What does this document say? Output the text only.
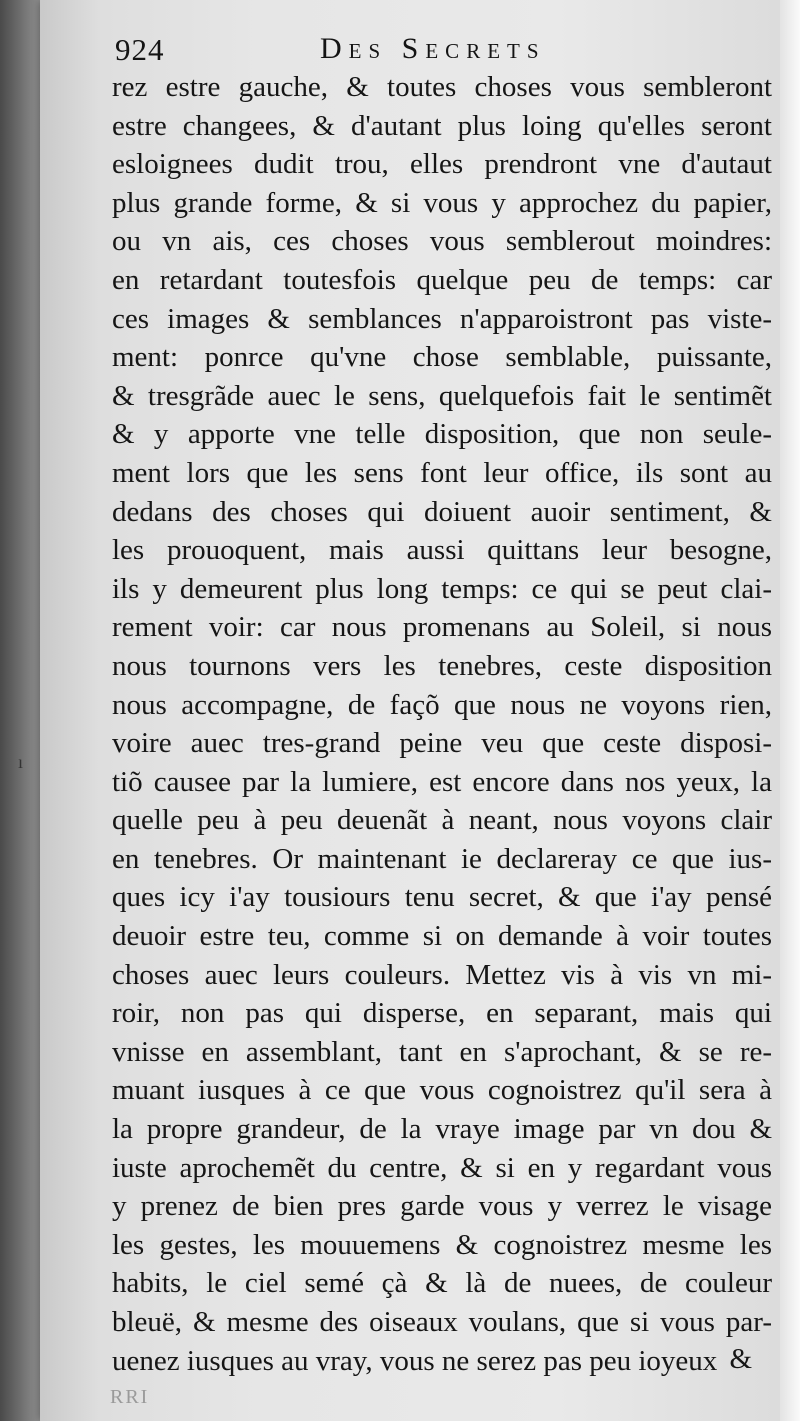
924	Des Secrets
ı
rez estre gauche, & toutes choses vous sembleront
estre changees, & d'autant plus loing qu'elles seront
esloignees dudit trou, elles prendront vne d'autaut
plus grande forme, & si vous y approchez du papier,
ou vn ais, ces choses vous semblerout moindres:
en retardant toutesfois quelque peu de temps: car
ces images & semblances n'apparoistront pas viste-
ment: ponrce qu'vne chose semblable, puissante,
& tresgrãde auec le sens, quelquefois fait le sentimẽt
& y apporte vne telle disposition, que non seule-
ment lors que les sens font leur office, ils sont au
dedans des choses qui doiuent auoir sentiment, &
les prouoquent, mais aussi quittans leur besogne,
ils y demeurent plus long temps: ce qui se peut clai-
rement voir: car nous promenans au Soleil, si nous
nous tournons vers les tenebres, ceste disposition
nous accompagne, de façõ que nous ne voyons rien,
voire auec tres-grand peine veu que ceste disposi-
tiõ causee par la lumiere, est encore dans nos yeux, la
quelle peu à peu deuenãt à neant, nous voyons clair
en tenebres. Or maintenant ie declareray ce que ius-
ques icy i'ay tousiours tenu secret, & que i'ay pensé
deuoir estre teu, comme si on demande à voir toutes
choses auec leurs couleurs. Mettez vis à vis vn mi-
roir, non pas qui disperse, en separant, mais qui
vnisse en assemblant, tant en s'aprochant, & se re-
muant iusques à ce que vous cognoistrez qu'il sera à
la propre grandeur, de la vraye image par vn dou &
iuste aprochemẽt du centre, & si en y regardant vous
y prenez de bien pres garde vous y verrez le visage
les gestes, les mouuemens & cognoistrez mesme les
habits, le ciel semé çà & là de nuees, de couleur
bleuë, & mesme des oiseaux voulans, que si vous par-
uenez iusques au vray, vous ne serez pas peu ioyeux &
RRI
